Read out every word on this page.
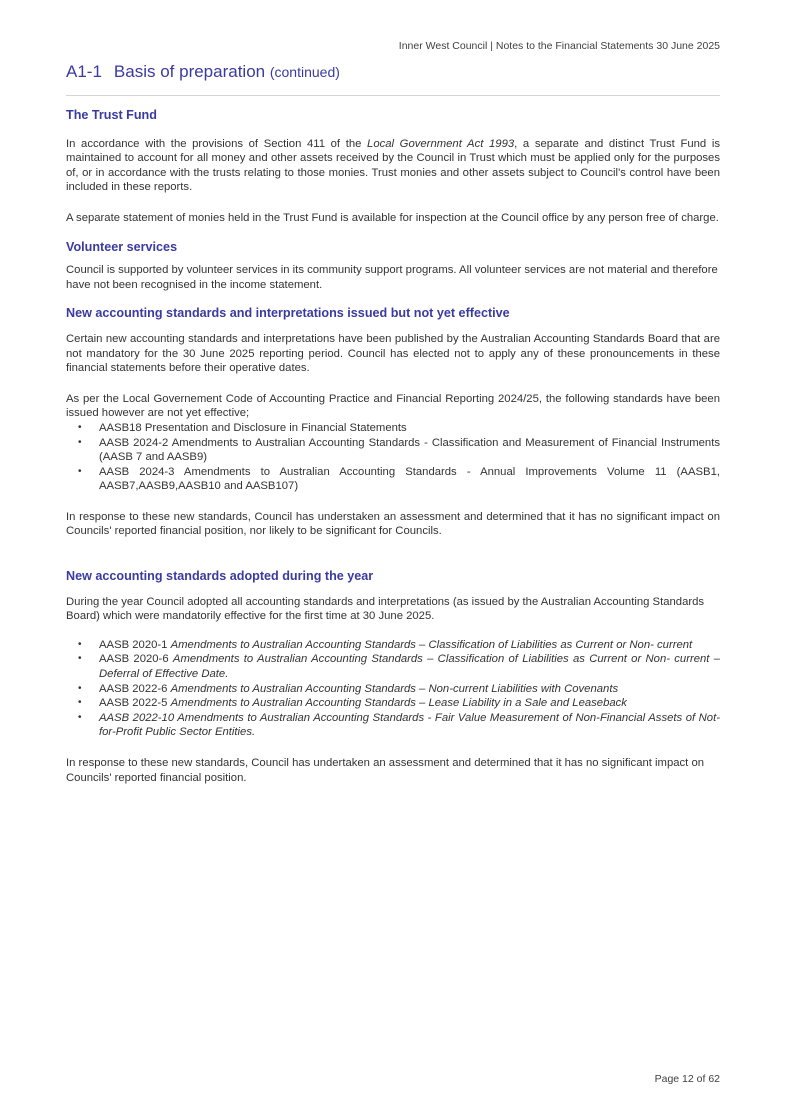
Inner West Council | Notes to the Financial Statements 30 June 2025
A1-1 Basis of preparation (continued)
The Trust Fund

In accordance with the provisions of Section 411 of the Local Government Act 1993, a separate and distinct Trust Fund is maintained to account for all money and other assets received by the Council in Trust which must be applied only for the purposes of, or in accordance with the trusts relating to those monies. Trust monies and other assets subject to Council's control have been included in these reports.

A separate statement of monies held in the Trust Fund is available for inspection at the Council office by any person free of charge.

Volunteer services

Council is supported by volunteer services in its community support programs. All volunteer services are not material and therefore have not been recognised in the income statement.

New accounting standards and interpretations issued but not yet effective

Certain new accounting standards and interpretations have been published by the Australian Accounting Standards Board that are not mandatory for the 30 June 2025 reporting period. Council has elected not to apply any of these pronouncements in these financial statements before their operative dates.

As per the Local Governement Code of Accounting Practice and Financial Reporting 2024/25, the following standards have been issued however are not yet effective;

• AASB18 Presentation and Disclosure in Financial Statements
• AASB 2024-2 Amendments to Australian Accounting Standards - Classification and Measurement of Financial Instruments (AASB 7 and AASB9)
• AASB 2024-3 Amendments to Australian Accounting Standards - Annual Improvements Volume 11 (AASB1, AASB7,AASB9,AASB10 and AASB107)

In response to these new standards, Council has understaken an assessment and determined that it has no significant impact on Councils' reported financial position, nor likely to be significant for Councils.

New accounting standards adopted during the year

During the year Council adopted all accounting standards and interpretations (as issued by the Australian Accounting Standards Board) which were mandatorily effective for the first time at 30 June 2025.

• AASB 2020-1 Amendments to Australian Accounting Standards – Classification of Liabilities as Current or Non- current
• AASB 2020-6 Amendments to Australian Accounting Standards – Classification of Liabilities as Current or Non- current – Deferral of Effective Date.
• AASB 2022-6 Amendments to Australian Accounting Standards – Non-current Liabilities with Covenants
• AASB 2022-5 Amendments to Australian Accounting Standards – Lease Liability in a Sale and Leaseback
• AASB 2022-10 Amendments to Australian Accounting Standards - Fair Value Measurement of Non-Financial Assets of Not-for-Profit Public Sector Entities.

In response to these new standards, Council has undertaken an assessment and determined that it has no significant impact on Councils' reported financial position.

Page 12 of 62
